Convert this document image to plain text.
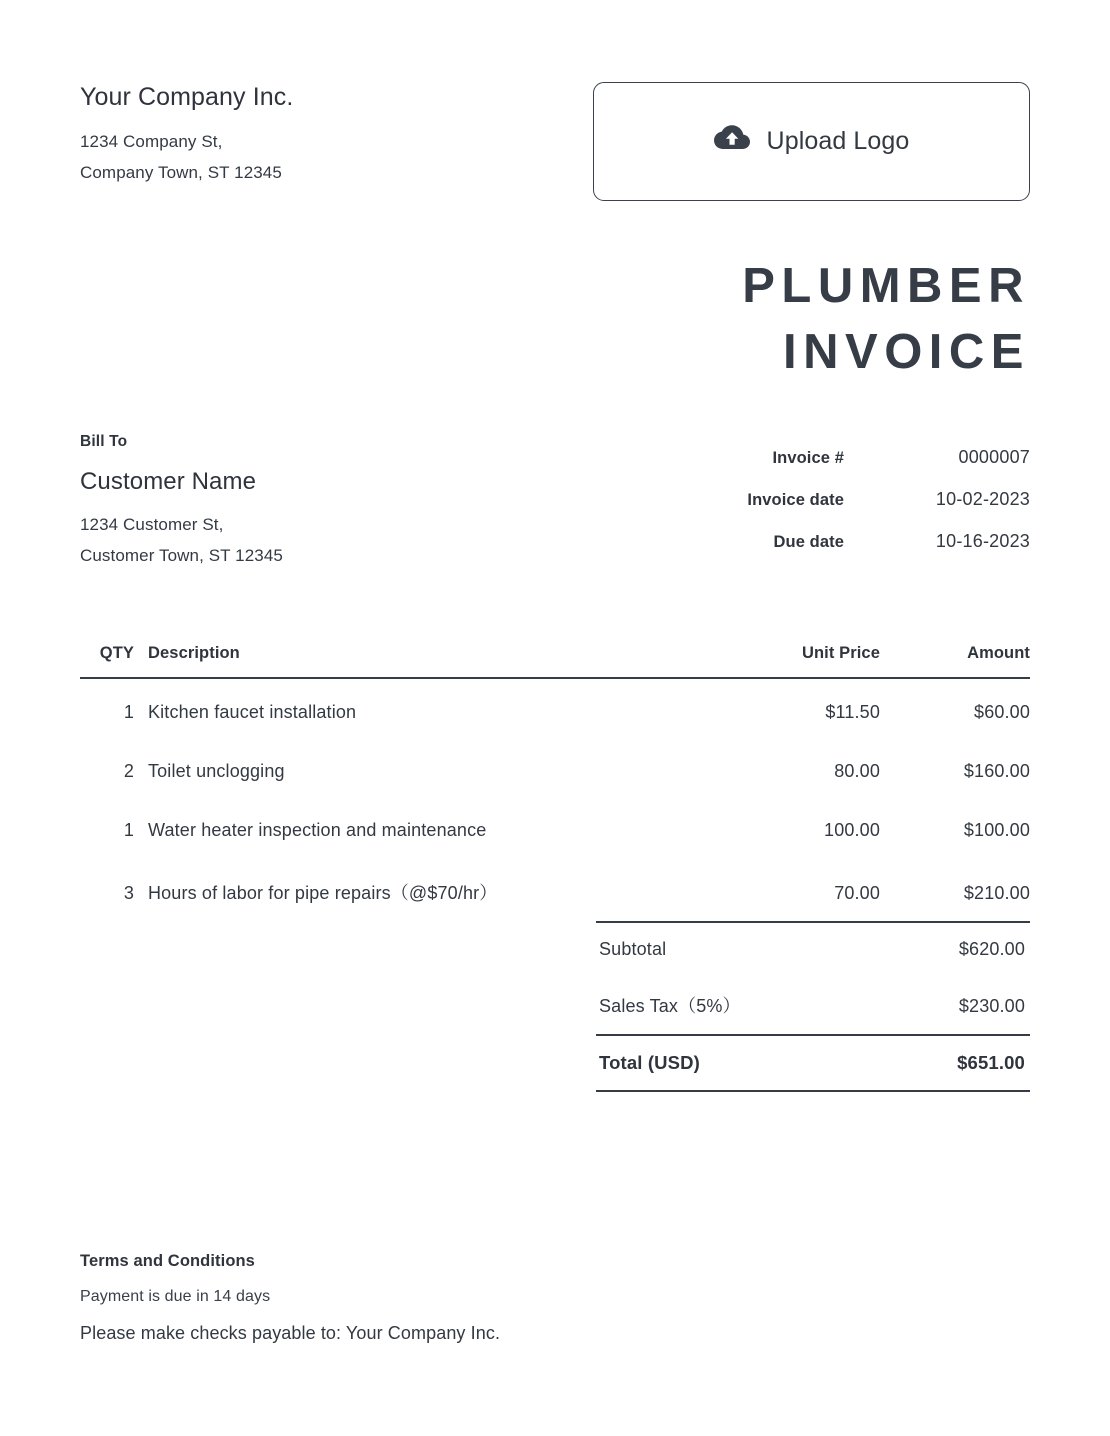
Your Company Inc.
1234 Company St,
Company Town, ST 12345
Upload Logo
PLUMBER
INVOICE
Bill To
Customer Name
1234 Customer St,
Customer Town, ST 12345
Invoice #	0000007
Invoice date	10-02-2023
Due date	10-16-2023
QTY	Description	Unit Price	Amount
1	Kitchen faucet installation	$11.50	$60.00
2	Toilet unclogging	80.00	$160.00
1	Water heater inspection and maintenance	100.00	$100.00
3	Hours of labor for pipe repairs（@$70/hr）	70.00	$210.00
Subtotal	$620.00
Sales Tax（5%）	$230.00
Total (USD)	$651.00
Terms and Conditions
Payment is due in 14 days
Please make checks payable to: Your Company Inc.
